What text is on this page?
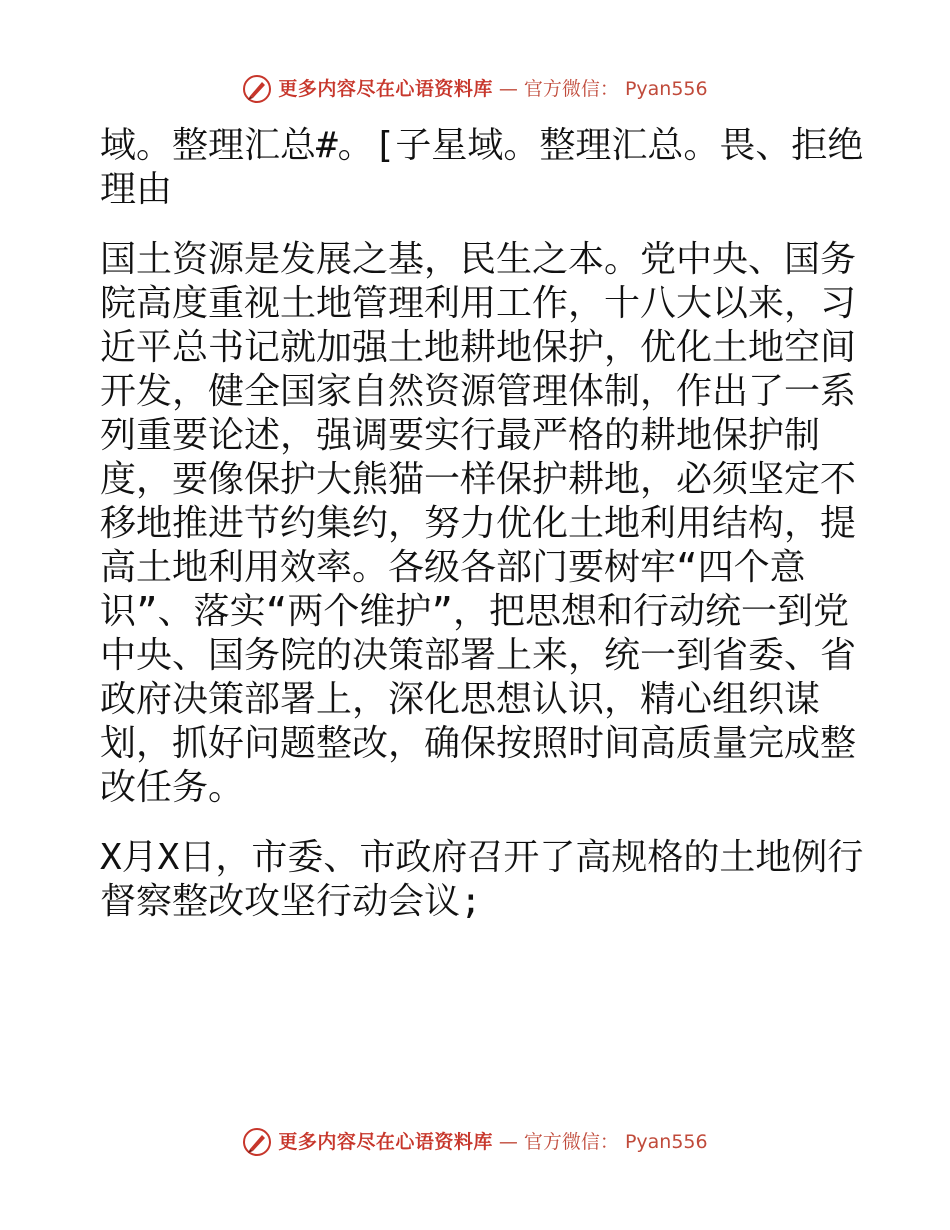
更多内容尽在心语资料库 — 官方微信： Pyan556

域。整理汇总#。[子星域。整理汇总。畏、拒绝理由

国土资源是发展之基，民生之本。党中央、国务院高度重视土地管理利用工作，十八大以来，习近平总书记就加强土地耕地保护，优化土地空间开发，健全国家自然资源管理体制，作出了一系列重要论述，强调要实行最严格的耕地保护制度，要像保护大熊猫一样保护耕地，必须坚定不移地推进节约集约，努力优化土地利用结构，提高土地利用效率。各级各部门要树牢“四个意识”、落实“两个维护”，把思想和行动统一到党中央、国务院的决策部署上来，统一到省委、省政府决策部署上，深化思想认识，精心组织谋划，抓好问题整改，确保按照时间高质量完成整改任务。

X月X日，市委、市政府召开了高规格的土地例行督察整改攻坚行动会议;

更多内容尽在心语资料库 — 官方微信： Pyan556
